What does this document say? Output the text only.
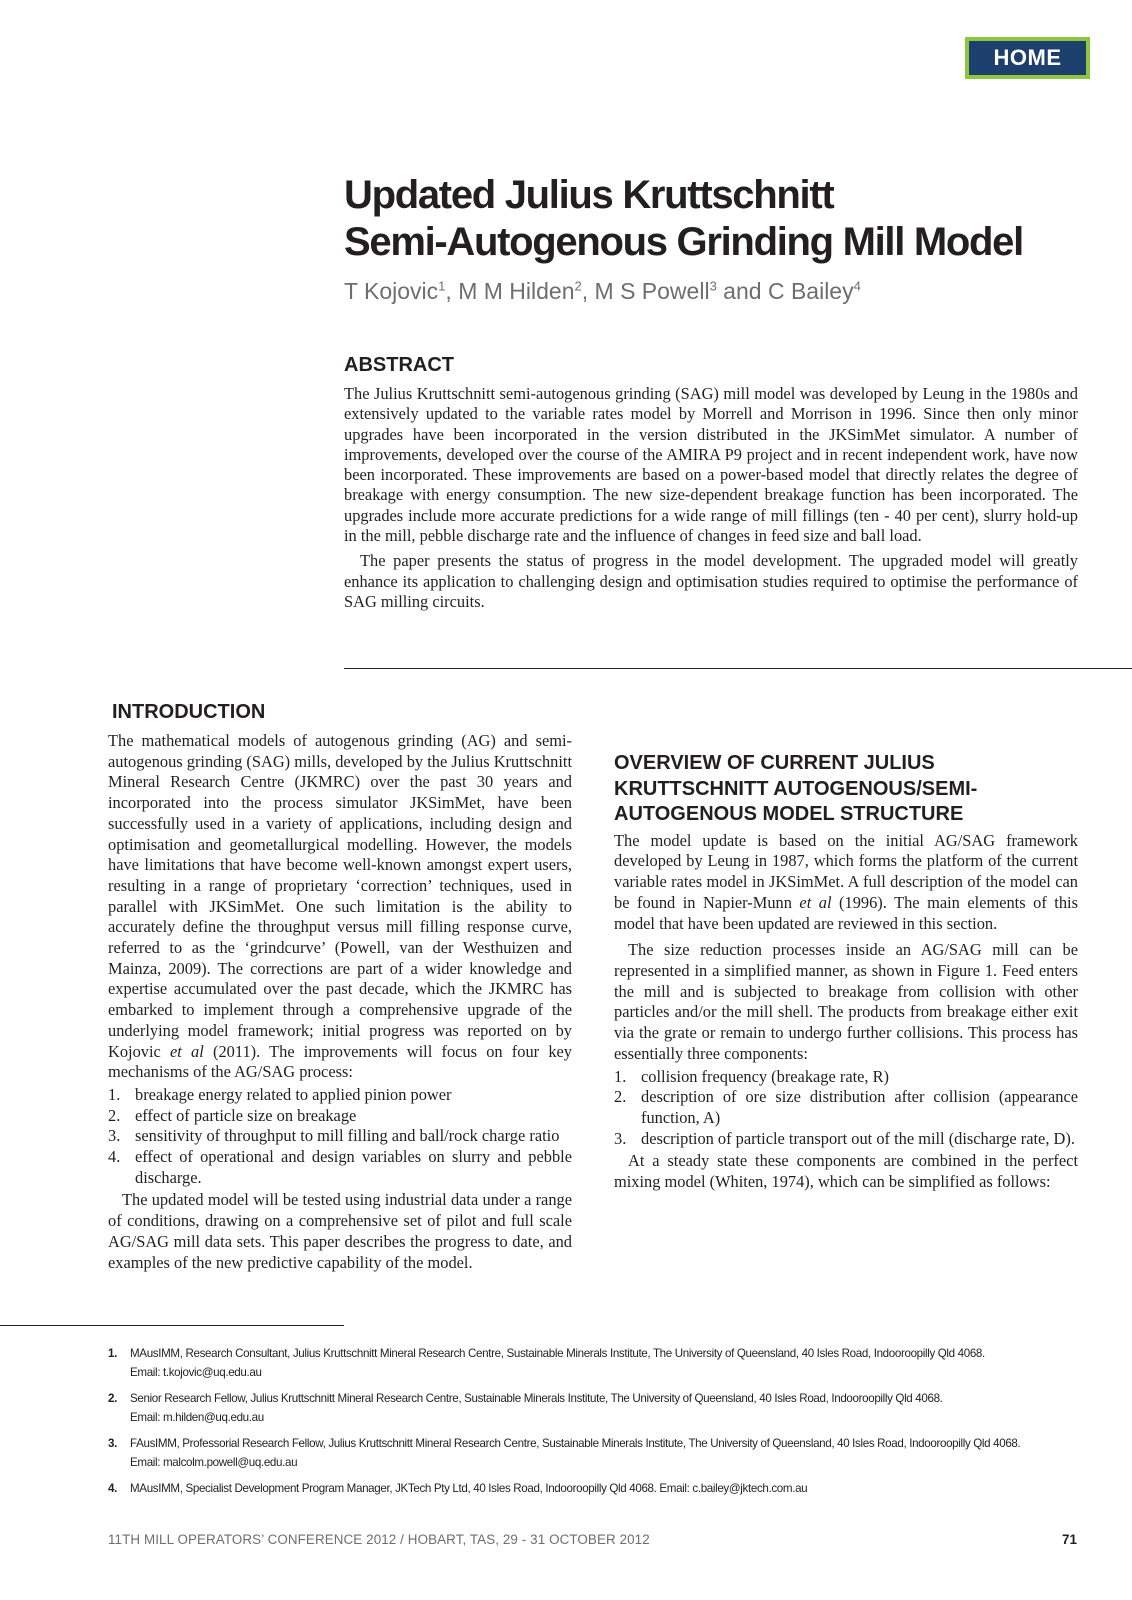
HOME
Updated Julius Kruttschnitt
Semi-Autogenous Grinding Mill Model
T Kojovic$^1$, M M Hilden$^2$, M S Powell$^3$ and C Bailey$^4$
ABSTRACT

The Julius Kruttschnitt semi-autogenous grinding (SAG) mill model was developed by Leung in the 1980s and extensively updated to the variable rates model by Morrell and Morrison in 1996. Since then only minor upgrades have been incorporated in the version distributed in the JKSimMet simulator. A number of improvements, developed over the course of the AMIRA P9 project and in recent independent work, have now been incorporated. These improvements are based on a power-based model that directly relates the degree of breakage with energy consumption. The new size-dependent breakage function has been incorporated. The upgrades include more accurate predictions for a wide range of mill fillings (ten - 40 per cent), slurry hold-up in the mill, pebble discharge rate and the influence of changes in feed size and ball load.

The paper presents the status of progress in the model development. The upgraded model will greatly enhance its application to challenging design and optimisation studies required to optimise the performance of SAG milling circuits.

INTRODUCTION

The mathematical models of autogenous grinding (AG) and semi-autogenous grinding (SAG) mills, developed by the Julius Kruttschnitt Mineral Research Centre (JKMRC) over the past 30 years and incorporated into the process simulator JKSimMet, have been successfully used in a variety of applications, including design and optimisation and geometallurgical modelling. However, the models have limitations that have become well-known amongst expert users, resulting in a range of proprietary ‘correction’ techniques, used in parallel with JKSimMet. One such limitation is the ability to accurately define the throughput versus mill filling response curve, referred to as the ‘grindcurve’ (Powell, van der Westhuizen and Mainza, 2009). The corrections are part of a wider knowledge and expertise accumulated over the past decade, which the JKMRC has embarked to implement through a comprehensive upgrade of the underlying model framework; initial progress was reported on by Kojovic et al (2011). The improvements will focus on four key mechanisms of the AG/SAG process:

1. breakage energy related to applied pinion power
2. effect of particle size on breakage
3. sensitivity of throughput to mill filling and ball/rock charge ratio
4. effect of operational and design variables on slurry and pebble discharge.

The updated model will be tested using industrial data under a range of conditions, drawing on a comprehensive set of pilot and full scale AG/SAG mill data sets. This paper describes the progress to date, and examples of the new predictive capability of the model.

OVERVIEW OF CURRENT JULIUS KRUTTSCHNITT AUTOGENOUS/SEMI-AUTOGENOUS MODEL STRUCTURE

The model update is based on the initial AG/SAG framework developed by Leung in 1987, which forms the platform of the current variable rates model in JKSimMet. A full description of the model can be found in Napier-Munn et al (1996). The main elements of this model that have been updated are reviewed in this section.

The size reduction processes inside an AG/SAG mill can be represented in a simplified manner, as shown in Figure 1. Feed enters the mill and is subjected to breakage from collision with other particles and/or the mill shell. The products from breakage either exit via the grate or remain to undergo further collisions. This process has essentially three components:

1. collision frequency (breakage rate, R)
2. description of ore size distribution after collision (appearance function, A)
3. description of particle transport out of the mill (discharge rate, D).

At a steady state these components are combined in the perfect mixing model (Whiten, 1974), which can be simplified as follows:

1. MAusIMM, Research Consultant, Julius Kruttschnitt Mineral Research Centre, Sustainable Minerals Institute, The University of Queensland, 40 Isles Road, Indooroopilly Qld 4068.
Email: t.kojovic@uq.edu.au
2. Senior Research Fellow, Julius Kruttschnitt Mineral Research Centre, Sustainable Minerals Institute, The University of Queensland, 40 Isles Road, Indooroopilly Qld 4068.
Email: m.hilden@uq.edu.au
3. FAusIMM, Professorial Research Fellow, Julius Kruttschnitt Mineral Research Centre, Sustainable Minerals Institute, The University of Queensland, 40 Isles Road, Indooroopilly Qld 4068.
Email: malcolm.powell@uq.edu.au
4. MAusIMM, Specialist Development Program Manager, JKTech Pty Ltd, 40 Isles Road, Indooroopilly Qld 4068. Email: c.bailey@jktech.com.au
11TH MILL OPERATORS’ CONFERENCE 2012 / HOBART, TAS, 29 - 31 OCTOBER 2012	71
